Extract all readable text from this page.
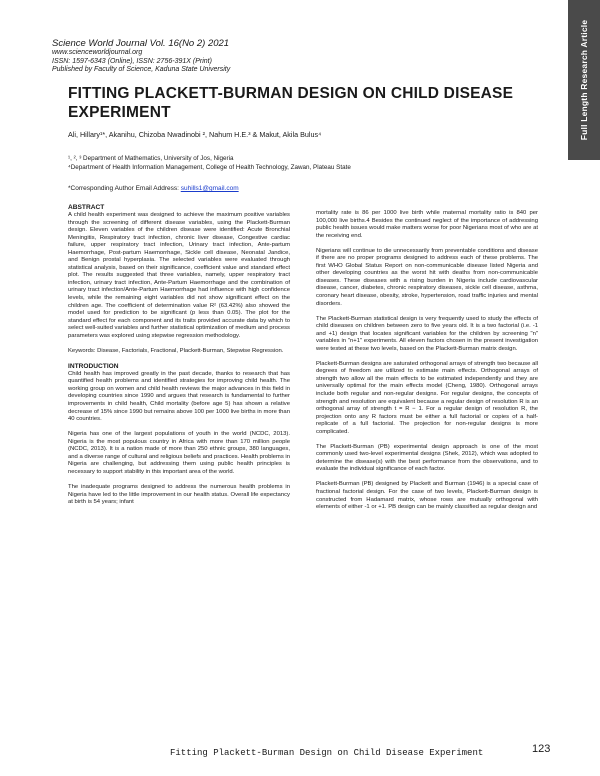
Science World Journal Vol. 16(No 2) 2021
www.scienceworldjournal.org
ISSN: 1597-6343 (Online), ISSN: 2756-391X (Print)
Published by Faculty of Science, Kaduna State University	Full Length Research Article
FITTING PLACKETT-BURMAN DESIGN ON CHILD DISEASE EXPERIMENT
Ali, Hillary¹*, Akanihu, Chizoba Nwadinobi ², Nahum H.E.³ & Makut, Akila Bulus⁴
¹, ², ³ Department of Mathematics, University of Jos, Nigeria
⁴Department of Health Information Management, College of Health Technology, Zawan, Plateau State
*Corresponding Author Email Address: suhills1@gmail.com
ABSTRACT

A child health experiment was designed to achieve the maximum positive variables through the screening of different disease variables, using the Plackett-Burman design. Eleven variables of the children disease were identified: Acute Bronchial Meningitis, Respiratory tract infection, chronic liver disease, Congestive cardiac failure, upper respiratory tract infection, Urinary tract infection, Ante-partum Haemorrhage, Post-partum Haemorrhage, Sickle cell disease, Neonatal Jandice, and Benign prostal hyperplasia. The selected variables were evaluated through statistical analysis, based on their significance, coefficient value and standard effect plot. The results suggested that three variables, namely, upper respiratory tract infection, urinary tract infection, Ante-Partum Haemorrhage and the combination of urinary tract infection/Ante-Partum Haemorrhage had influence with high confidence levels, while the remaining eight variables did not show significant effect on the children age. The coefficient of determination value R² (63.42%) also showed the model used for prediction to be significant (p less than 0.05). The plot for the standard effect for each component and its traits provided accurate data by which to select well-suited variables and further statistical optimization of medium and process parameters was explored using stepwise regression methodology.

Keywords: Disease, Factorials, Fractional, Plackett-Burman, Stepwise Regression.

INTRODUCTION

Child health has improved greatly in the past decade, thanks to research that has quantified health problems and identified strategies for improving child health. The working group on women and child health reviews the major advances in this field in developing countries since 1990 and argues that research is fundamental to further improvements in child health, Child mortality (before age 5) has shown a relative decrease of 15% since 1990 but remains above 100 per 1000 live births in more than 40 countries.

Nigeria has one of the largest populations of youth in the world (NCDC, 2013). Nigeria is the most populous country in Africa with more than 170 million people (NCDC, 2013). It is a nation made of more than 250 ethnic groups, 380 languages, and a diverse range of cultural and religious beliefs and practices. Health problems in Nigeria are challenging, but addressing them using public health principles is necessary to support stability in this important area of the world.

The inadequate programs designed to address the numerous health problems in Nigeria have led to the little improvement in our health status. Overall life expectancy at birth is 54 years; infant

mortality rate is 86 per 1000 live birth while maternal mortality ratio is 840 per 100,000 live births.4 Besides the continued neglect of the importance of addressing public health issues would make matters worse for poor Nigerians most of who are at the receiving end.

Nigerians will continue to die unnecessarily from preventable conditions and disease if there are no proper programs designed to address each of these problems. The first WHO Global Status Report on non-communicable disease listed Nigeria and other developing countries as the worst hit with deaths from non-communicable diseases. These diseases with a rising burden in Nigeria include cardiovascular disease, cancer, diabetes, chronic respiratory diseases, sickle cell disease, asthma, coronary heart disease, obesity, stroke, hypertension, road traffic injuries and mental disorders.

The Plackett-Burman statistical design is very frequently used to study the effects of child diseases on children between zero to five years old. It is a two factorial (i.e. -1 and +1) design that locates significant variables for the children by screening "n" variables in "n+1" experiments. All eleven factors chosen in the present investigation were tested at these two levels, based on the Plackett-Burman matrix design.

Plackett-Burman designs are saturated orthogonal arrays of strength two because all degrees of freedom are utilized to estimate main effects. Orthogonal arrays of strength two allow all the main effects to be estimated independently and they are universally optimal for the main effects model (Cheng, 1980). Orthogonal arrays include both regular and non-regular designs. For regular designs, the concepts of strength and resolution are equivalent because a regular design of resolution R is an orthogonal array of strength t = R − 1. For a regular design of resolution R, the projection onto any R factors must be either a full factorial or copies of a half-replicate of a full factorial. The projection for non-regular designs is more complicated.

The Plackett-Burman (PB) experimental design approach is one of the most commonly used two-level experimental designs (Shek, 2012), which was adopted to determine the disease(s) with the best performance from the observations, and to evaluate the individual significance of each factor.

Plackett-Burman (PB) designed by Plackett and Burman (1946) is a special case of fractional factorial design. For the case of two levels, Plackett-Burman design is constructed from Hadamard matrix, whose rows are mutually orthogonal with elements of either -1 or +1. PB design can be mainly classified as regular design and

Fitting Plackett-Burman Design on Child Disease Experiment	123
